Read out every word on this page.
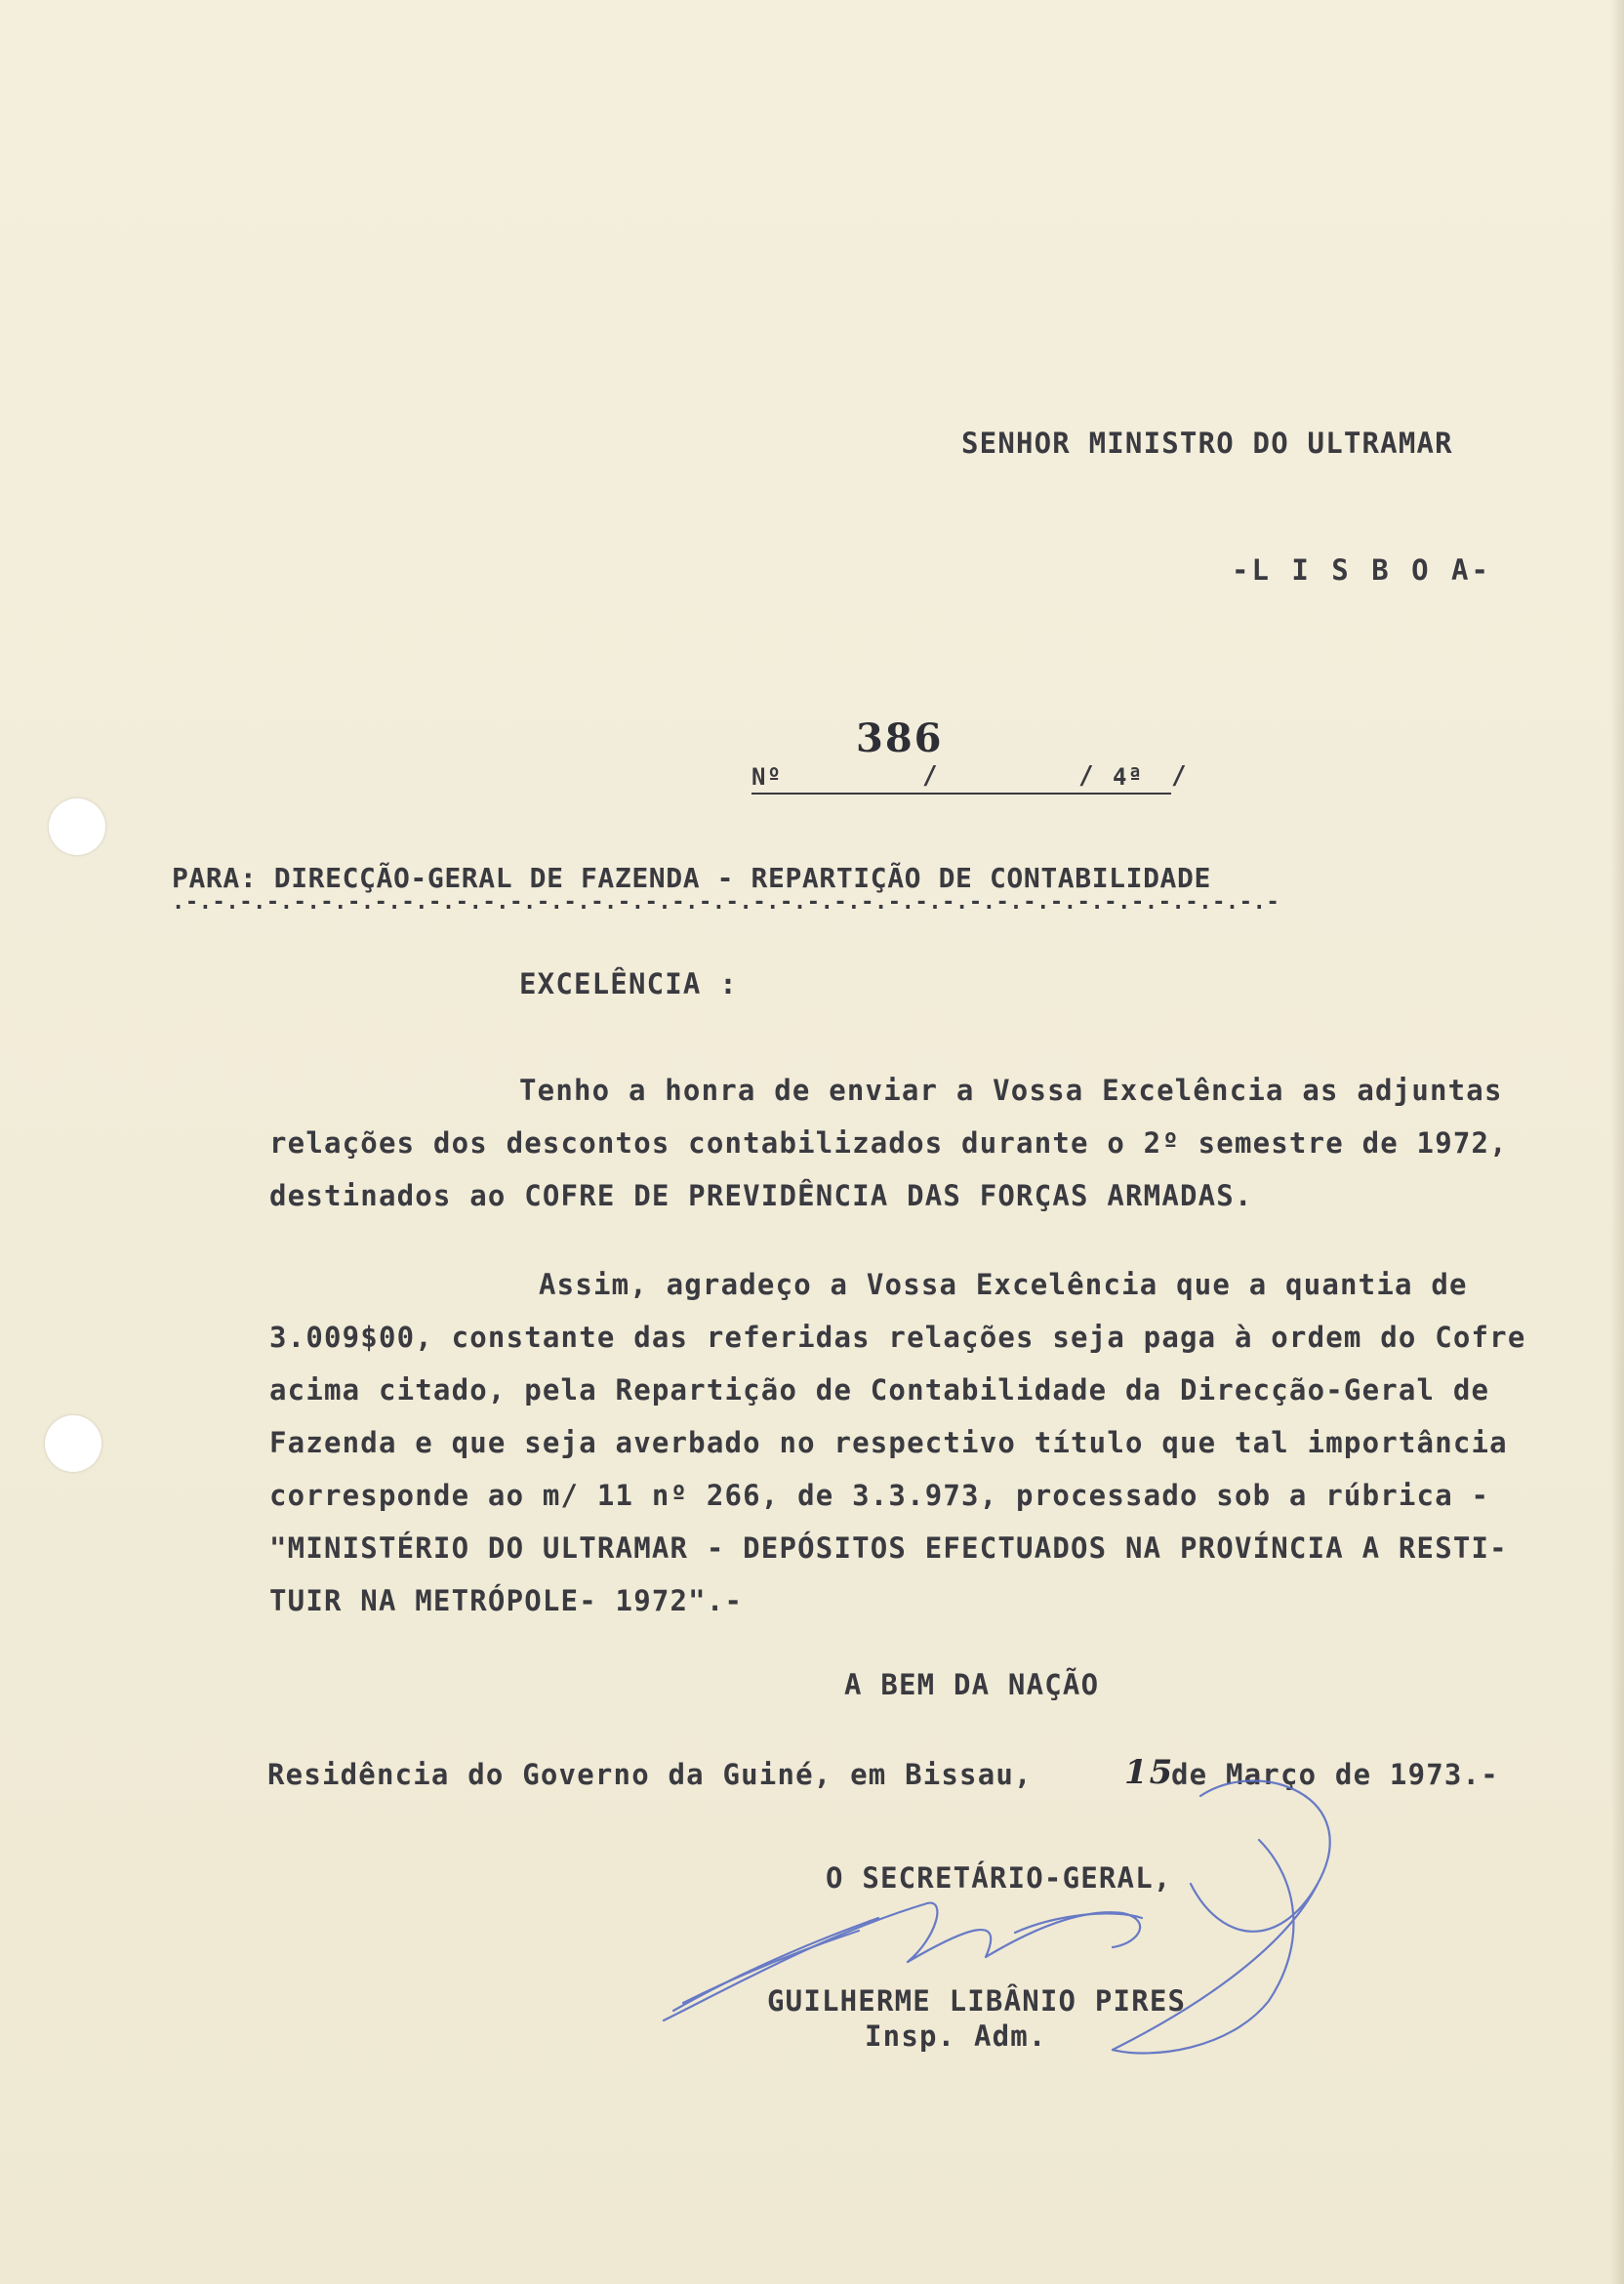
SENHOR MINISTRO DO ULTRAMAR
-L I S B O A-
386
Nº	/	/ 4ª /
PARA: DIRECÇÃO-GERAL DE FAZENDA - REPARTIÇÃO DE CONTABILIDADE
.-.-.-.-.-.-.-.-.-.-.-.-.-.-.-.-.-.-.-.-.-.-.-.-.-.-.-.-.-.-.-.-.-.-.-.-.-.-.-.-.-
EXCELÊNCIA :
Tenho a honra de enviar a Vossa Excelência as adjuntas
relações dos descontos contabilizados durante o 2º semestre de 1972,
destinados ao COFRE DE PREVIDÊNCIA DAS FORÇAS ARMADAS.
Assim, agradeço a Vossa Excelência que a quantia de
3.009$00, constante das referidas relações seja paga à ordem do Cofre
acima citado, pela Repartição de Contabilidade da Direcção-Geral de
Fazenda e que seja averbado no respectivo título que tal importância
corresponde ao m/ 11 nº 266, de 3.3.973, processado sob a rúbrica -
"MINISTÉRIO DO ULTRAMAR - DEPÓSITOS EFECTUADOS NA PROVÍNCIA A RESTI-
TUIR NA METRÓPOLE- 1972".-
A BEM DA NAÇÃO
Residência do Governo da Guiné, em Bissau,	15
de Março de 1973.-
O SECRETÁRIO-GERAL,
GUILHERME LIBÂNIO PIRES
Insp. Adm.
